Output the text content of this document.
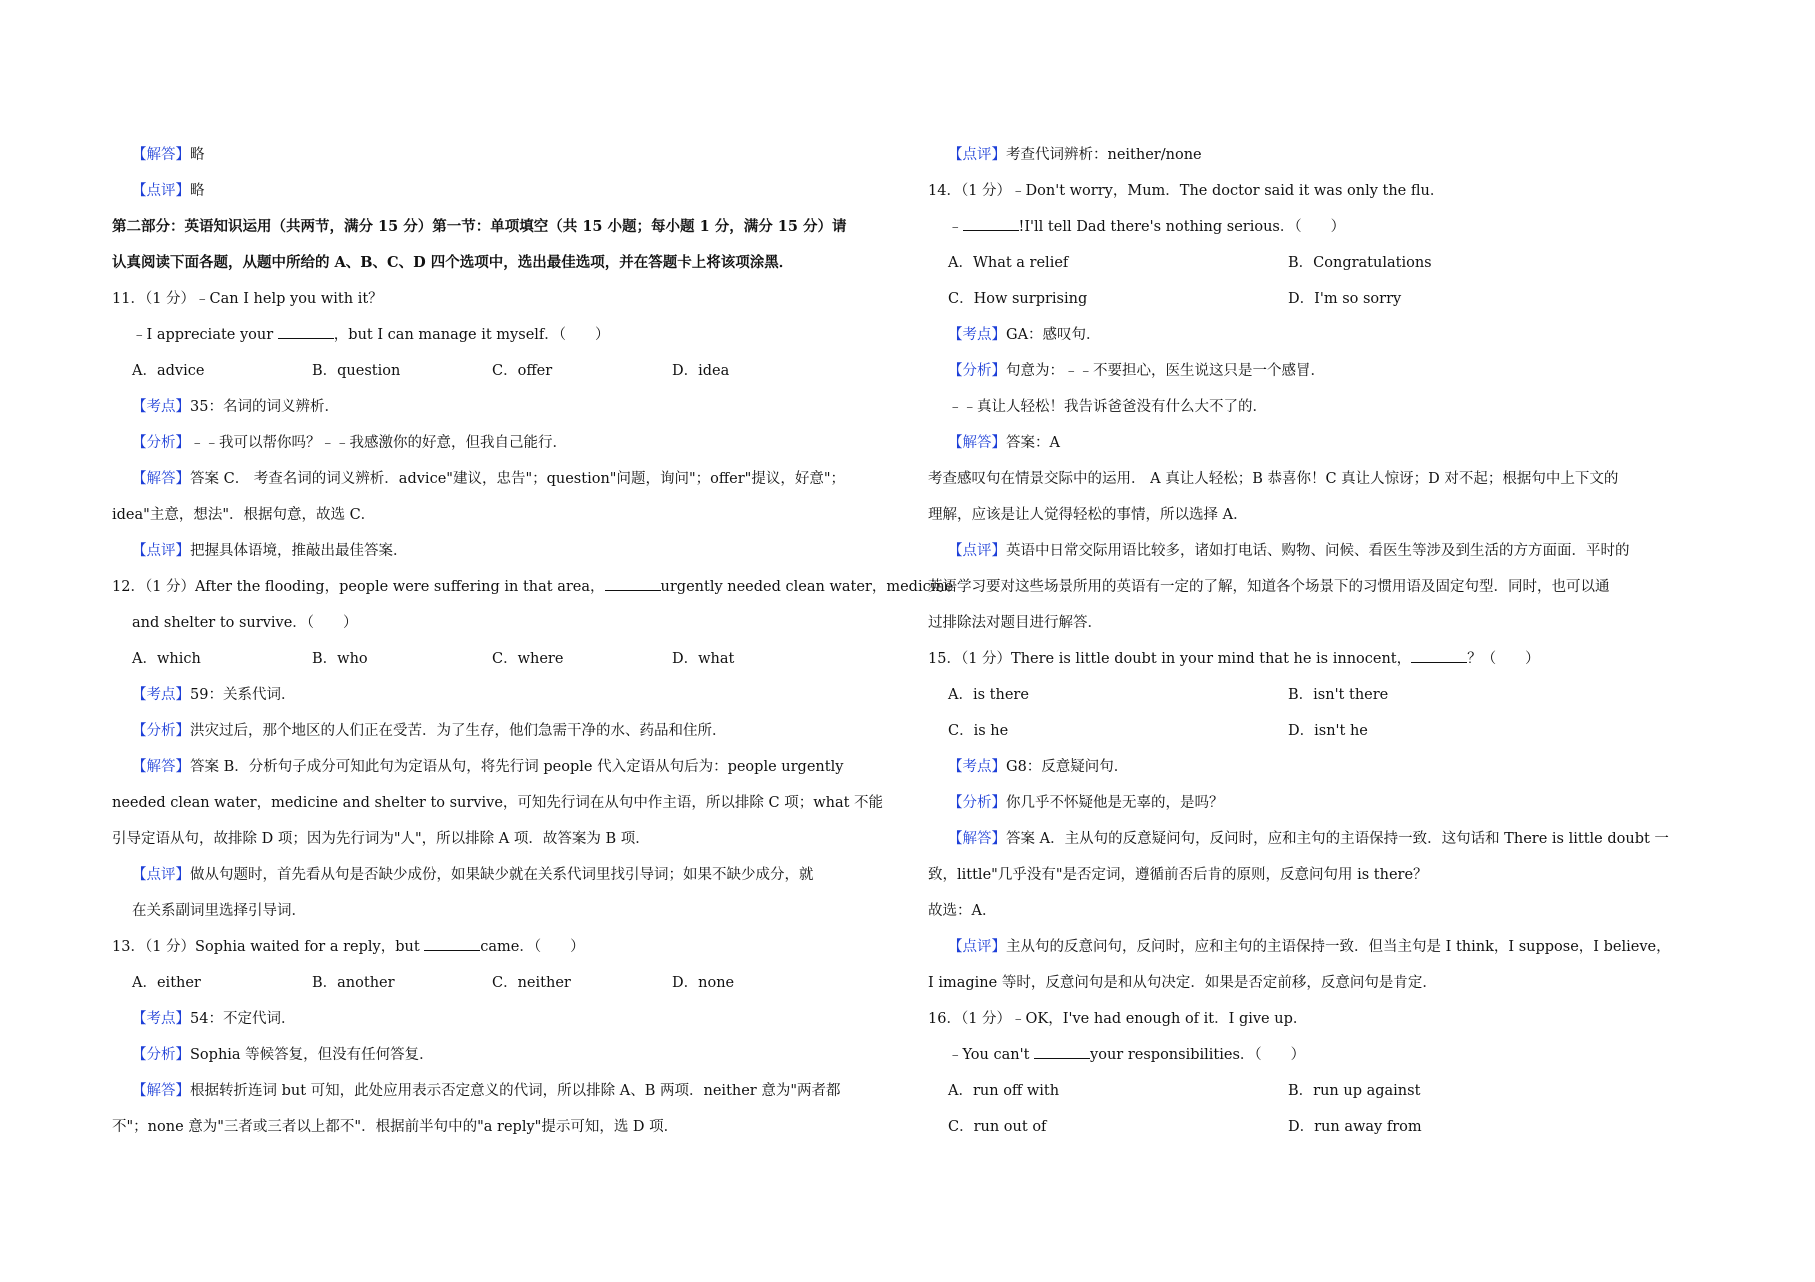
【解答】略
【点评】略
第二部分：英语知识运用（共两节，满分 15 分）第一节：单项填空（共 15 小题；每小题 1 分，满分 15 分）请
认真阅读下面各题，从题中所给的 A、B、C、D 四个选项中，选出最佳选项，并在答题卡上将该项涂黑．
11．（1 分）﹣Can I help you with it？
﹣I appreciate your	，but I can manage it myself．（　　）
A．advice	B．question	C．offer	D．idea
【考点】35：名词的词义辨析．
【分析】﹣﹣我可以帮你吗？﹣﹣我感激你的好意，但我自己能行．
【解答】答案 C． 考查名词的词义辨析．advice"建议，忠告"；question"问题，询问"；offer"提议，好意"；
idea"主意，想法"．根据句意，故选 C．
【点评】把握具体语境，推敲出最佳答案．
12．（1 分）After the flooding，people were suffering in that area，	urgently needed clean water，medicine
and shelter to survive．（　　）
A．which	B．who	C．where	D．what
【考点】59：关系代词．
【分析】洪灾过后，那个地区的人们正在受苦．为了生存，他们急需干净的水、药品和住所．
【解答】答案 B．分析句子成分可知此句为定语从句，将先行词 people 代入定语从句后为：people urgently
needed clean water，medicine and shelter to survive，可知先行词在从句中作主语，所以排除 C 项；what 不能
引导定语从句，故排除 D 项；因为先行词为"人"，所以排除 A 项．故答案为 B 项．
【点评】做从句题时，首先看从句是否缺少成份，如果缺少就在关系代词里找引导词；如果不缺少成分，就
在关系副词里选择引导词．
13．（1 分）Sophia waited for a reply，but	came．（　　）
A．either	B．another	C．neither	D．none
【考点】54：不定代词．
【分析】Sophia 等候答复，但没有任何答复．
【解答】根据转折连词 but 可知，此处应用表示否定意义的代词，所以排除 A、B 两项．neither 意为"两者都
不"；none 意为"三者或三者以上都不"．根据前半句中的"a reply"提示可知，选 D 项．
【点评】考查代词辨析：neither/none
14．（1 分）﹣Don't worry，Mum．The doctor said it was only the flu．
﹣	!I'll tell Dad there's nothing serious．（　　）
A．What a relief	B．Congratulations
C．How surprising	D．I'm so sorry
【考点】GA：感叹句．
【分析】句意为：﹣﹣不要担心，医生说这只是一个感冒．
﹣﹣真让人轻松！我告诉爸爸没有什么大不了的．
【解答】答案：A
考查感叹句在情景交际中的运用． A 真让人轻松；B 恭喜你！C 真让人惊讶；D 对不起；根据句中上下文的
理解，应该是让人觉得轻松的事情，所以选择 A．
【点评】英语中日常交际用语比较多，诸如打电话、购物、问候、看医生等涉及到生活的方方面面．平时的
英语学习要对这些场景所用的英语有一定的了解，知道各个场景下的习惯用语及固定句型．同时，也可以通
过排除法对题目进行解答．
15．（1 分）There is little doubt in your mind that he is innocent，	？（　　）
A．is there	B．isn't there
C．is he	D．isn't he
【考点】G8：反意疑问句．
【分析】你几乎不怀疑他是无辜的，是吗？
【解答】答案 A．主从句的反意疑问句，反问时，应和主句的主语保持一致．这句话和 There is little doubt 一
致，little"几乎没有"是否定词，遵循前否后肯的原则，反意问句用 is there？
故选：A．
【点评】主从句的反意问句，反问时，应和主句的主语保持一致．但当主句是 I think，I suppose，I believe，
I imagine 等时，反意问句是和从句决定．如果是否定前移，反意问句是肯定．
16．（1 分）﹣OK，I've had enough of it．I give up．
﹣You can't	your responsibilities．（　　）
A．run off with	B．run up against
C．run out of	D．run away from
